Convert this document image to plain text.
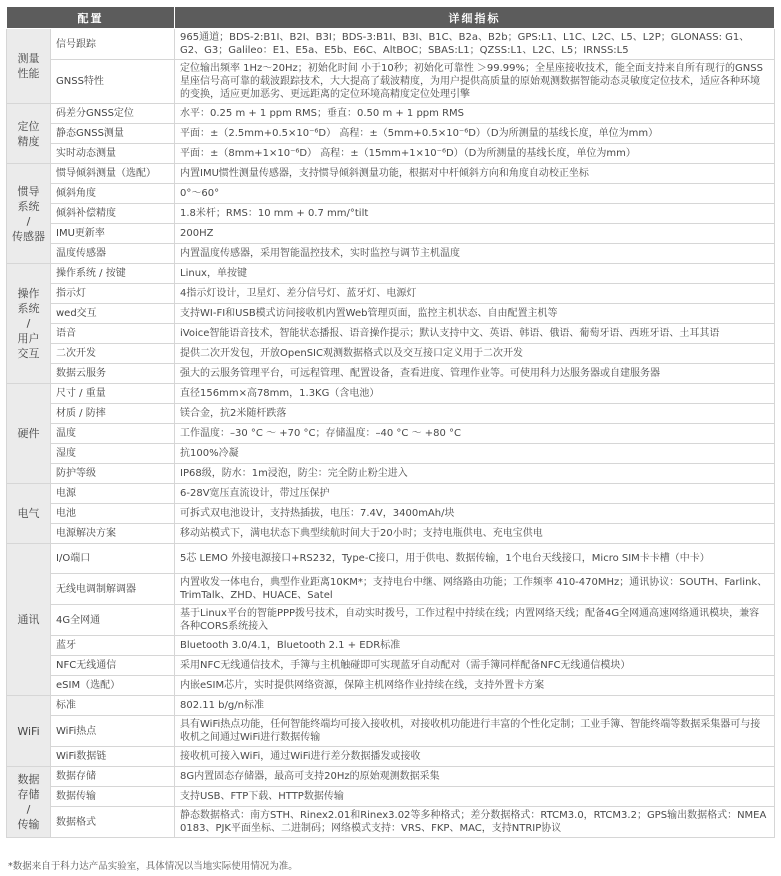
配置		详细指标
测量
性能	信号跟踪	965通道；BDS-2:B1I、B2I、B3I；BDS-3:B1I、B3I、B1C、B2a、B2b；GPS:L1、L1C、L2C、L5、L2P；GLONASS: G1、G2、G3；Galileo：E1、E5a、E5b、E6C、AltBOC；SBAS:L1；QZSS:L1、L2C、L5；IRNSS:L5
	GNSS特性	定位输出频率 1Hz～20Hz；初始化时间 小于10秒；初始化可靠性 ＞99.99%；全星座接收技术，能全面支持来自所有现行的GNSS星座信号高可靠的载波跟踪技术，大大提高了载波精度，为用户提供高质量的原始观测数据智能动态灵敏度定位技术，适应各种环境的变换，适应更加恶劣、更远距离的定位环境高精度定位处理引擎
定位
精度	码差分GNSS定位	水平：0.25 m + 1 ppm RMS；垂直：0.50 m + 1 ppm RMS
	静态GNSS测量	平面：±（2.5mm+0.5×10⁻⁶D） 高程：±（5mm+0.5×10⁻⁶D）（D为所测量的基线长度，单位为mm）
	实时动态测量	平面：±（8mm+1×10⁻⁶D） 高程：±（15mm+1×10⁻⁶D）（D为所测量的基线长度，单位为mm）
惯导
系统
/
传感器	惯导倾斜测量（选配）	内置IMU惯性测量传感器，支持惯导倾斜测量功能，根据对中杆倾斜方向和角度自动校正坐标
	倾斜角度	0°～60°
	倾斜补偿精度	1.8米杆；RMS：10 mm + 0.7 mm/°tilt
	IMU更新率	200HZ
	温度传感器	内置温度传感器，采用智能温控技术，实时监控与调节主机温度
操作
系统
/
用户
交互	操作系统 / 按键	Linux，单按键
	指示灯	4指示灯设计，卫星灯、差分信号灯、蓝牙灯、电源灯
	wed交互	支持WI-FI和USB模式访问接收机内置Web管理页面，监控主机状态、自由配置主机等
	语音	iVoice智能语音技术，智能状态播报、语音操作提示；默认支持中文、英语、韩语、俄语、葡萄牙语、西班牙语、土耳其语
	二次开发	提供二次开发包，开放OpenSIC观测数据格式以及交互接口定义用于二次开发
	数据云服务	强大的云服务管理平台，可远程管理、配置设备，查看进度、管理作业等。可使用科力达服务器或自建服务器
硬件	尺寸 / 重量	直径156mm×高78mm，1.3KG（含电池）
	材质 / 防摔	镁合金，抗2米随杆跌落
	温度	工作温度：–30 °C ～ +70 °C；存储温度：–40 °C ～ +80 °C
	湿度	抗100%冷凝
	防护等级	IP68级，防水：1m浸泡，防尘：完全防止粉尘进入
电气	电源	6-28V宽压直流设计，带过压保护
	电池	可拆式双电池设计，支持热插拔，电压：7.4V，3400mAh/块
	电源解决方案	移动站模式下，满电状态下典型续航时间大于20小时；支持电瓶供电、充电宝供电
通讯	I/O端口	5芯 LEMO 外接电源接口+RS232，Type-C接口，用于供电、数据传输，1个电台天线接口，Micro SIM卡卡槽（中卡）
	无线电调制解调器	内置收发一体电台，典型作业距离10KM*；支持电台中继、网络路由功能；工作频率 410-470MHz；通讯协议：SOUTH、Farlink、TrimTalk、ZHD、HUACE、Satel
	4G全网通	基于Linux平台的智能PPP拨号技术，自动实时拨号，工作过程中持续在线；内置网络天线；配备4G全网通高速网络通讯模块，兼容各种CORS系统接入
	蓝牙	Bluetooth 3.0/4.1，Bluetooth 2.1 + EDR标准
	NFC无线通信	采用NFC无线通信技术，手簿与主机触碰即可实现蓝牙自动配对（需手簿同样配备NFC无线通信模块）
	eSIM（选配）	内嵌eSIM芯片，实时提供网络资源，保障主机网络作业持续在线，支持外置卡方案
WiFi	标准	802.11 b/g/n标准
	WiFi热点	具有WiFi热点功能，任何智能终端均可接入接收机，对接收机功能进行丰富的个性化定制；工业手簿、智能终端等数据采集器可与接收机之间通过WiFi进行数据传输
	WiFi数据链	接收机可接入WiFi，通过WiFi进行差分数据播发或接收
数据
存储
/
传输	数据存储	8G内置固态存储器，最高可支持20Hz的原始观测数据采集
	数据传输	支持USB、FTP下载、HTTP数据传输
	数据格式	静态数据格式：南方STH、Rinex2.01和Rinex3.02等多种格式；差分数据格式：RTCM3.0，RTCM3.2；GPS输出数据格式：NMEA 0183、PJK平面坐标、二进制码；网络模式支持：VRS、FKP、MAC，支持NTRIP协议
*数据来自于科力达产品实验室，具体情况以当地实际使用情况为准。
